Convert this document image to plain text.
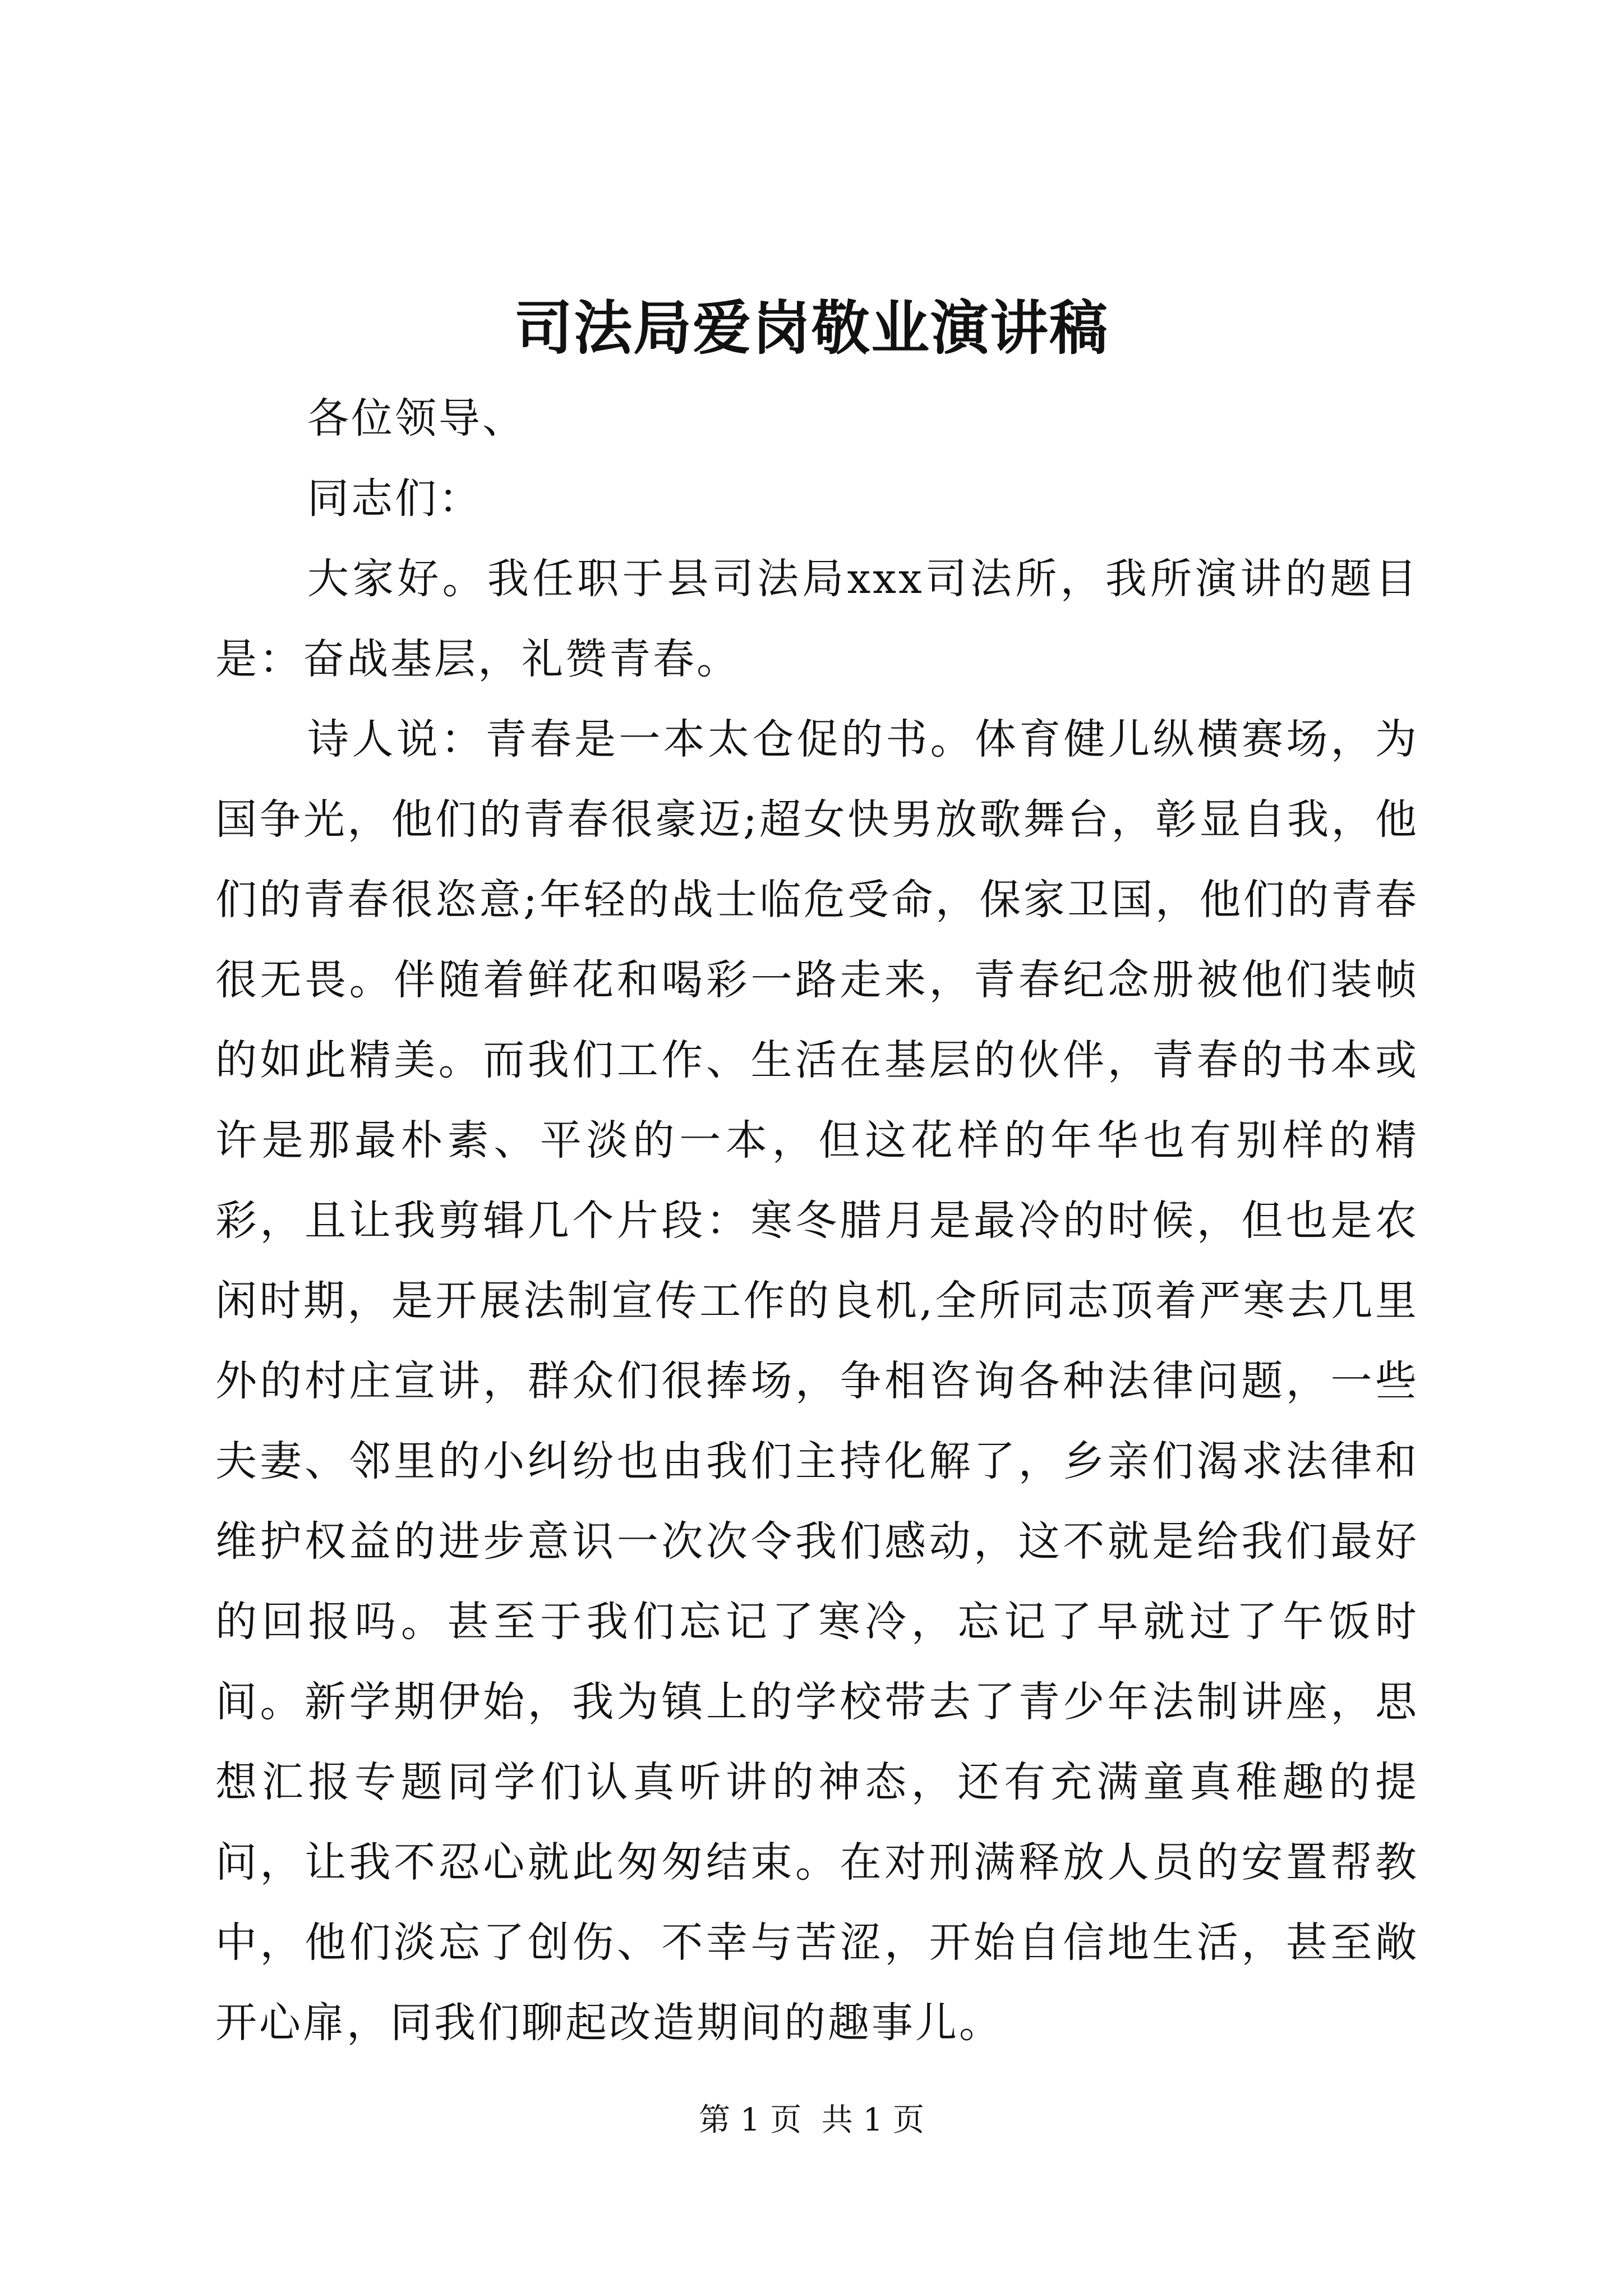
司法局爱岗敬业演讲稿

各位领导、

同志们：

大家好。我任职于县司法局xxx司法所，我所演讲的题目是：奋战基层，礼赞青春。

诗人说：青春是一本太仓促的书。体育健儿纵横赛场，为国争光，他们的青春很豪迈;超女快男放歌舞台，彰显自我，他们的青春很恣意;年轻的战士临危受命，保家卫国，他们的青春很无畏。伴随着鲜花和喝彩一路走来，青春纪念册被他们装帧的如此精美。而我们工作、生活在基层的伙伴，青春的书本或许是那最朴素、平淡的一本，但这花样的年华也有别样的精彩，且让我剪辑几个片段：寒冬腊月是最冷的时候，但也是农闲时期，是开展法制宣传工作的良机,全所同志顶着严寒去几里外的村庄宣讲，群众们很捧场，争相咨询各种法律问题，一些夫妻、邻里的小纠纷也由我们主持化解了，乡亲们渴求法律和维护权益的进步意识一次次令我们感动，这不就是给我们最好的回报吗。甚至于我们忘记了寒冷，忘记了早就过了午饭时间。新学期伊始，我为镇上的学校带去了青少年法制讲座，思想汇报专题同学们认真听讲的神态，还有充满童真稚趣的提问，让我不忍心就此匆匆结束。在对刑满释放人员的安置帮教中，他们淡忘了创伤、不幸与苦涩，开始自信地生活，甚至敞开心扉，同我们聊起改造期间的趣事儿。

第 1 页  共 1 页
